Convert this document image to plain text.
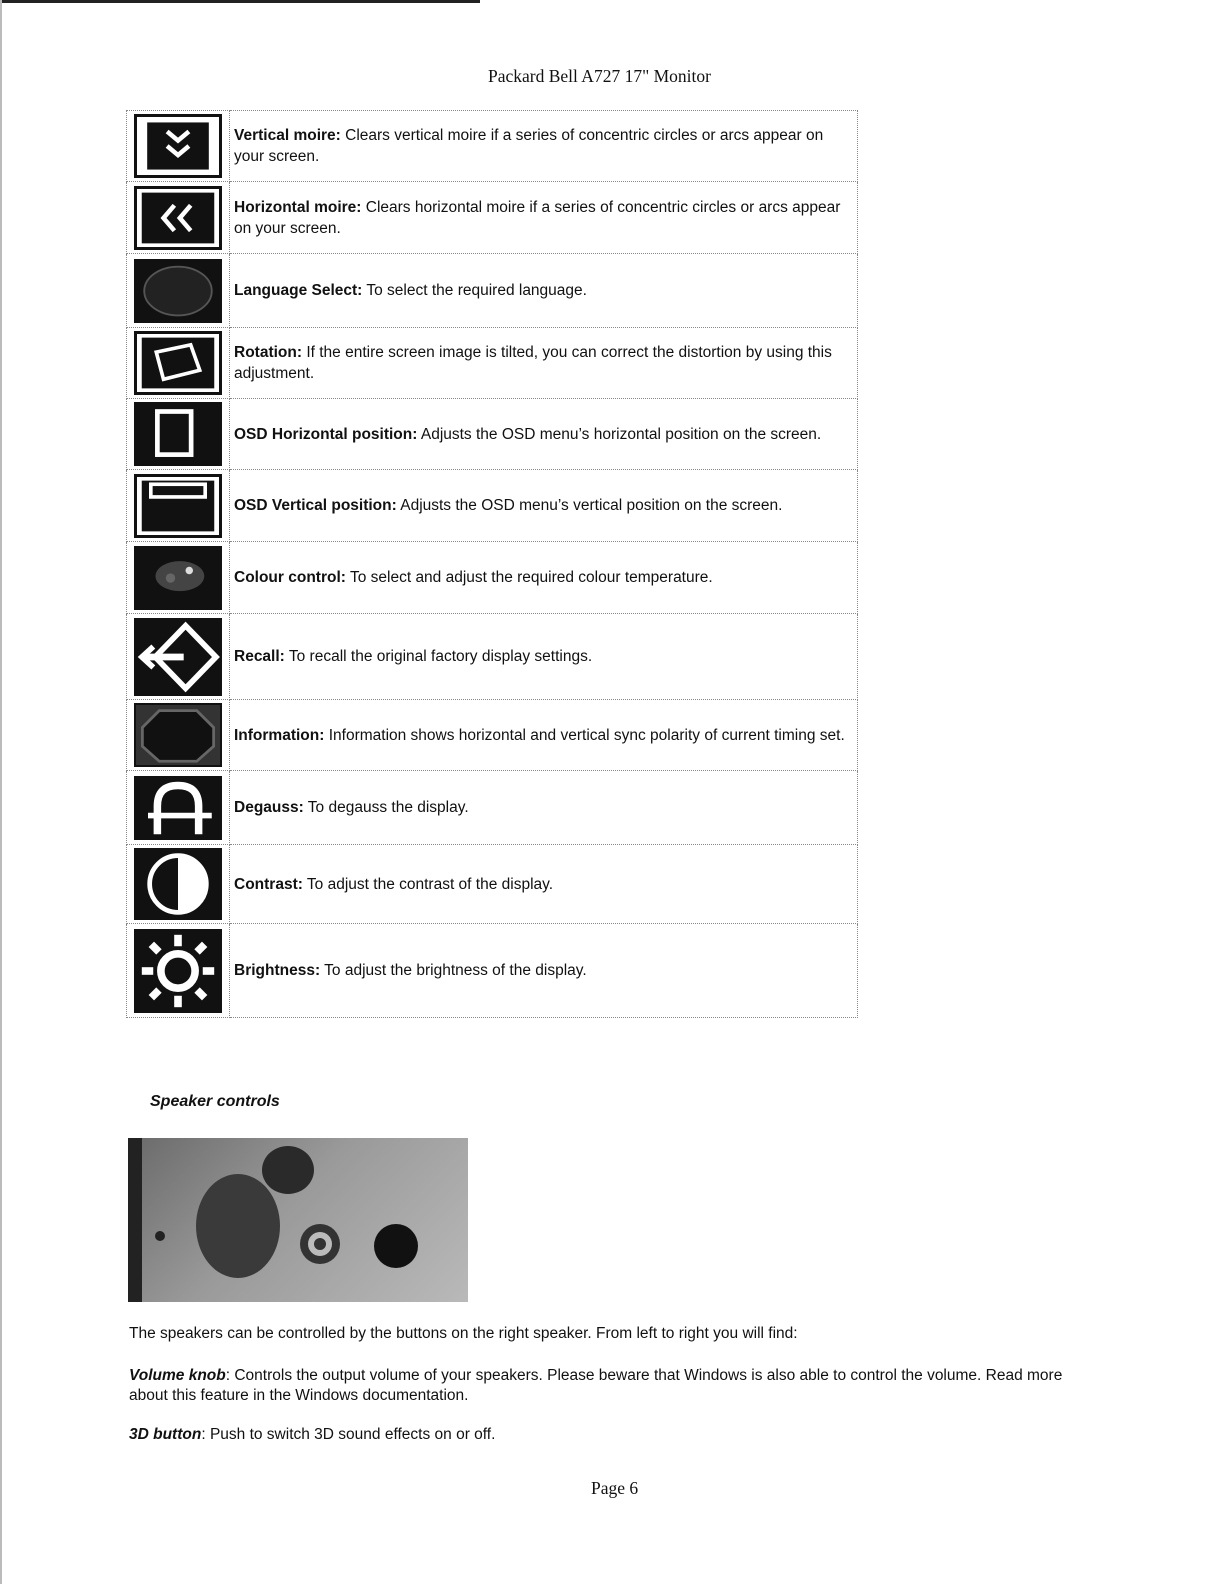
Packard Bell A727 17" Monitor
	Vertical moire: Clears vertical moire if a series of concentric circles or arcs appear on your screen.

	Horizontal moire: Clears horizontal moire if a series of concentric circles or arcs appear on your screen.

	Language Select: To select the required language.

	Rotation: If the entire screen image is tilted, you can correct the distortion by using this adjustment.

	OSD Horizontal position: Adjusts the OSD menu’s horizontal position on the screen.

	OSD Vertical position: Adjusts the OSD menu’s vertical position on the screen.

	Colour control: To select and adjust the required colour temperature.

	Recall: To recall the original factory display settings.

	Information: Information shows horizontal and vertical sync polarity of current timing set.

	Degauss: To degauss the display.

	Contrast: To adjust the contrast of the display.

	Brightness: To adjust the brightness of the display.
Speaker controls
The speakers can be controlled by the buttons on the right speaker. From left to right you will find:
Volume knob: Controls the output volume of your speakers. Please beware that Windows is also able to control the volume. Read more about this feature in the Windows documentation.
3D button: Push to switch 3D sound effects on or off.
Page 6
